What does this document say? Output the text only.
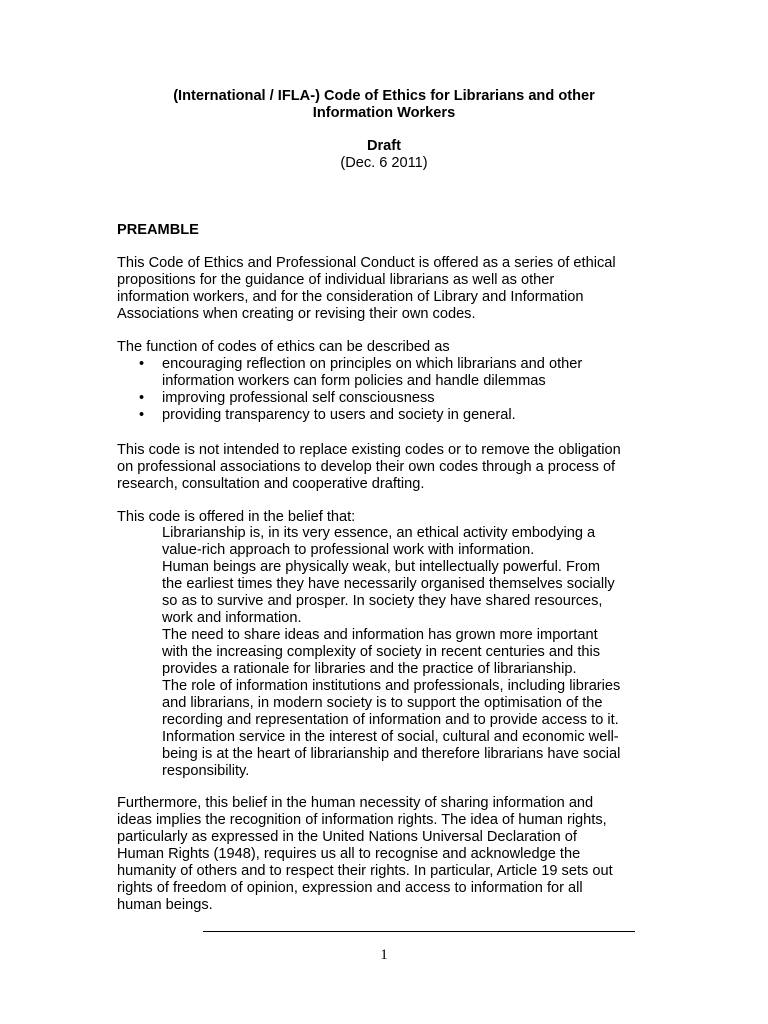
(International / IFLA-) Code of Ethics for Librarians and other
Information Workers
Draft
(Dec. 6 2011)
PREAMBLE
This Code of Ethics and Professional Conduct is offered as a series of ethical
propositions for the guidance of individual librarians as well as other
information workers, and for the consideration of Library and Information
Associations when creating or revising their own codes.
The function of codes of ethics can be described as
• encouraging reflection on principles on which librarians and other
information workers can form policies and handle dilemmas
• improving professional self consciousness
• providing transparency to users and society in general.
This code is not intended to replace existing codes or to remove the obligation
on professional associations to develop their own codes through a process of
research, consultation and cooperative drafting.
This code is offered in the belief that:
Librarianship is, in its very essence, an ethical activity embodying a
value-rich approach to professional work with information.
Human beings are physically weak, but intellectually powerful. From
the earliest times they have necessarily organised themselves socially
so as to survive and prosper. In society they have shared resources,
work and information.
The need to share ideas and information has grown more important
with the increasing complexity of society in recent centuries and this
provides a rationale for libraries and the practice of librarianship.
The role of information institutions and professionals, including libraries
and librarians, in modern society is to support the optimisation of the
recording and representation of information and to provide access to it.
Information service in the interest of social, cultural and economic well-
being is at the heart of librarianship and therefore librarians have social
responsibility.
Furthermore, this belief in the human necessity of sharing information and
ideas implies the recognition of information rights. The idea of human rights,
particularly as expressed in the United Nations Universal Declaration of
Human Rights (1948), requires us all to recognise and acknowledge the
humanity of others and to respect their rights. In particular, Article 19 sets out
rights of freedom of opinion, expression and access to information for all
human beings.
1
